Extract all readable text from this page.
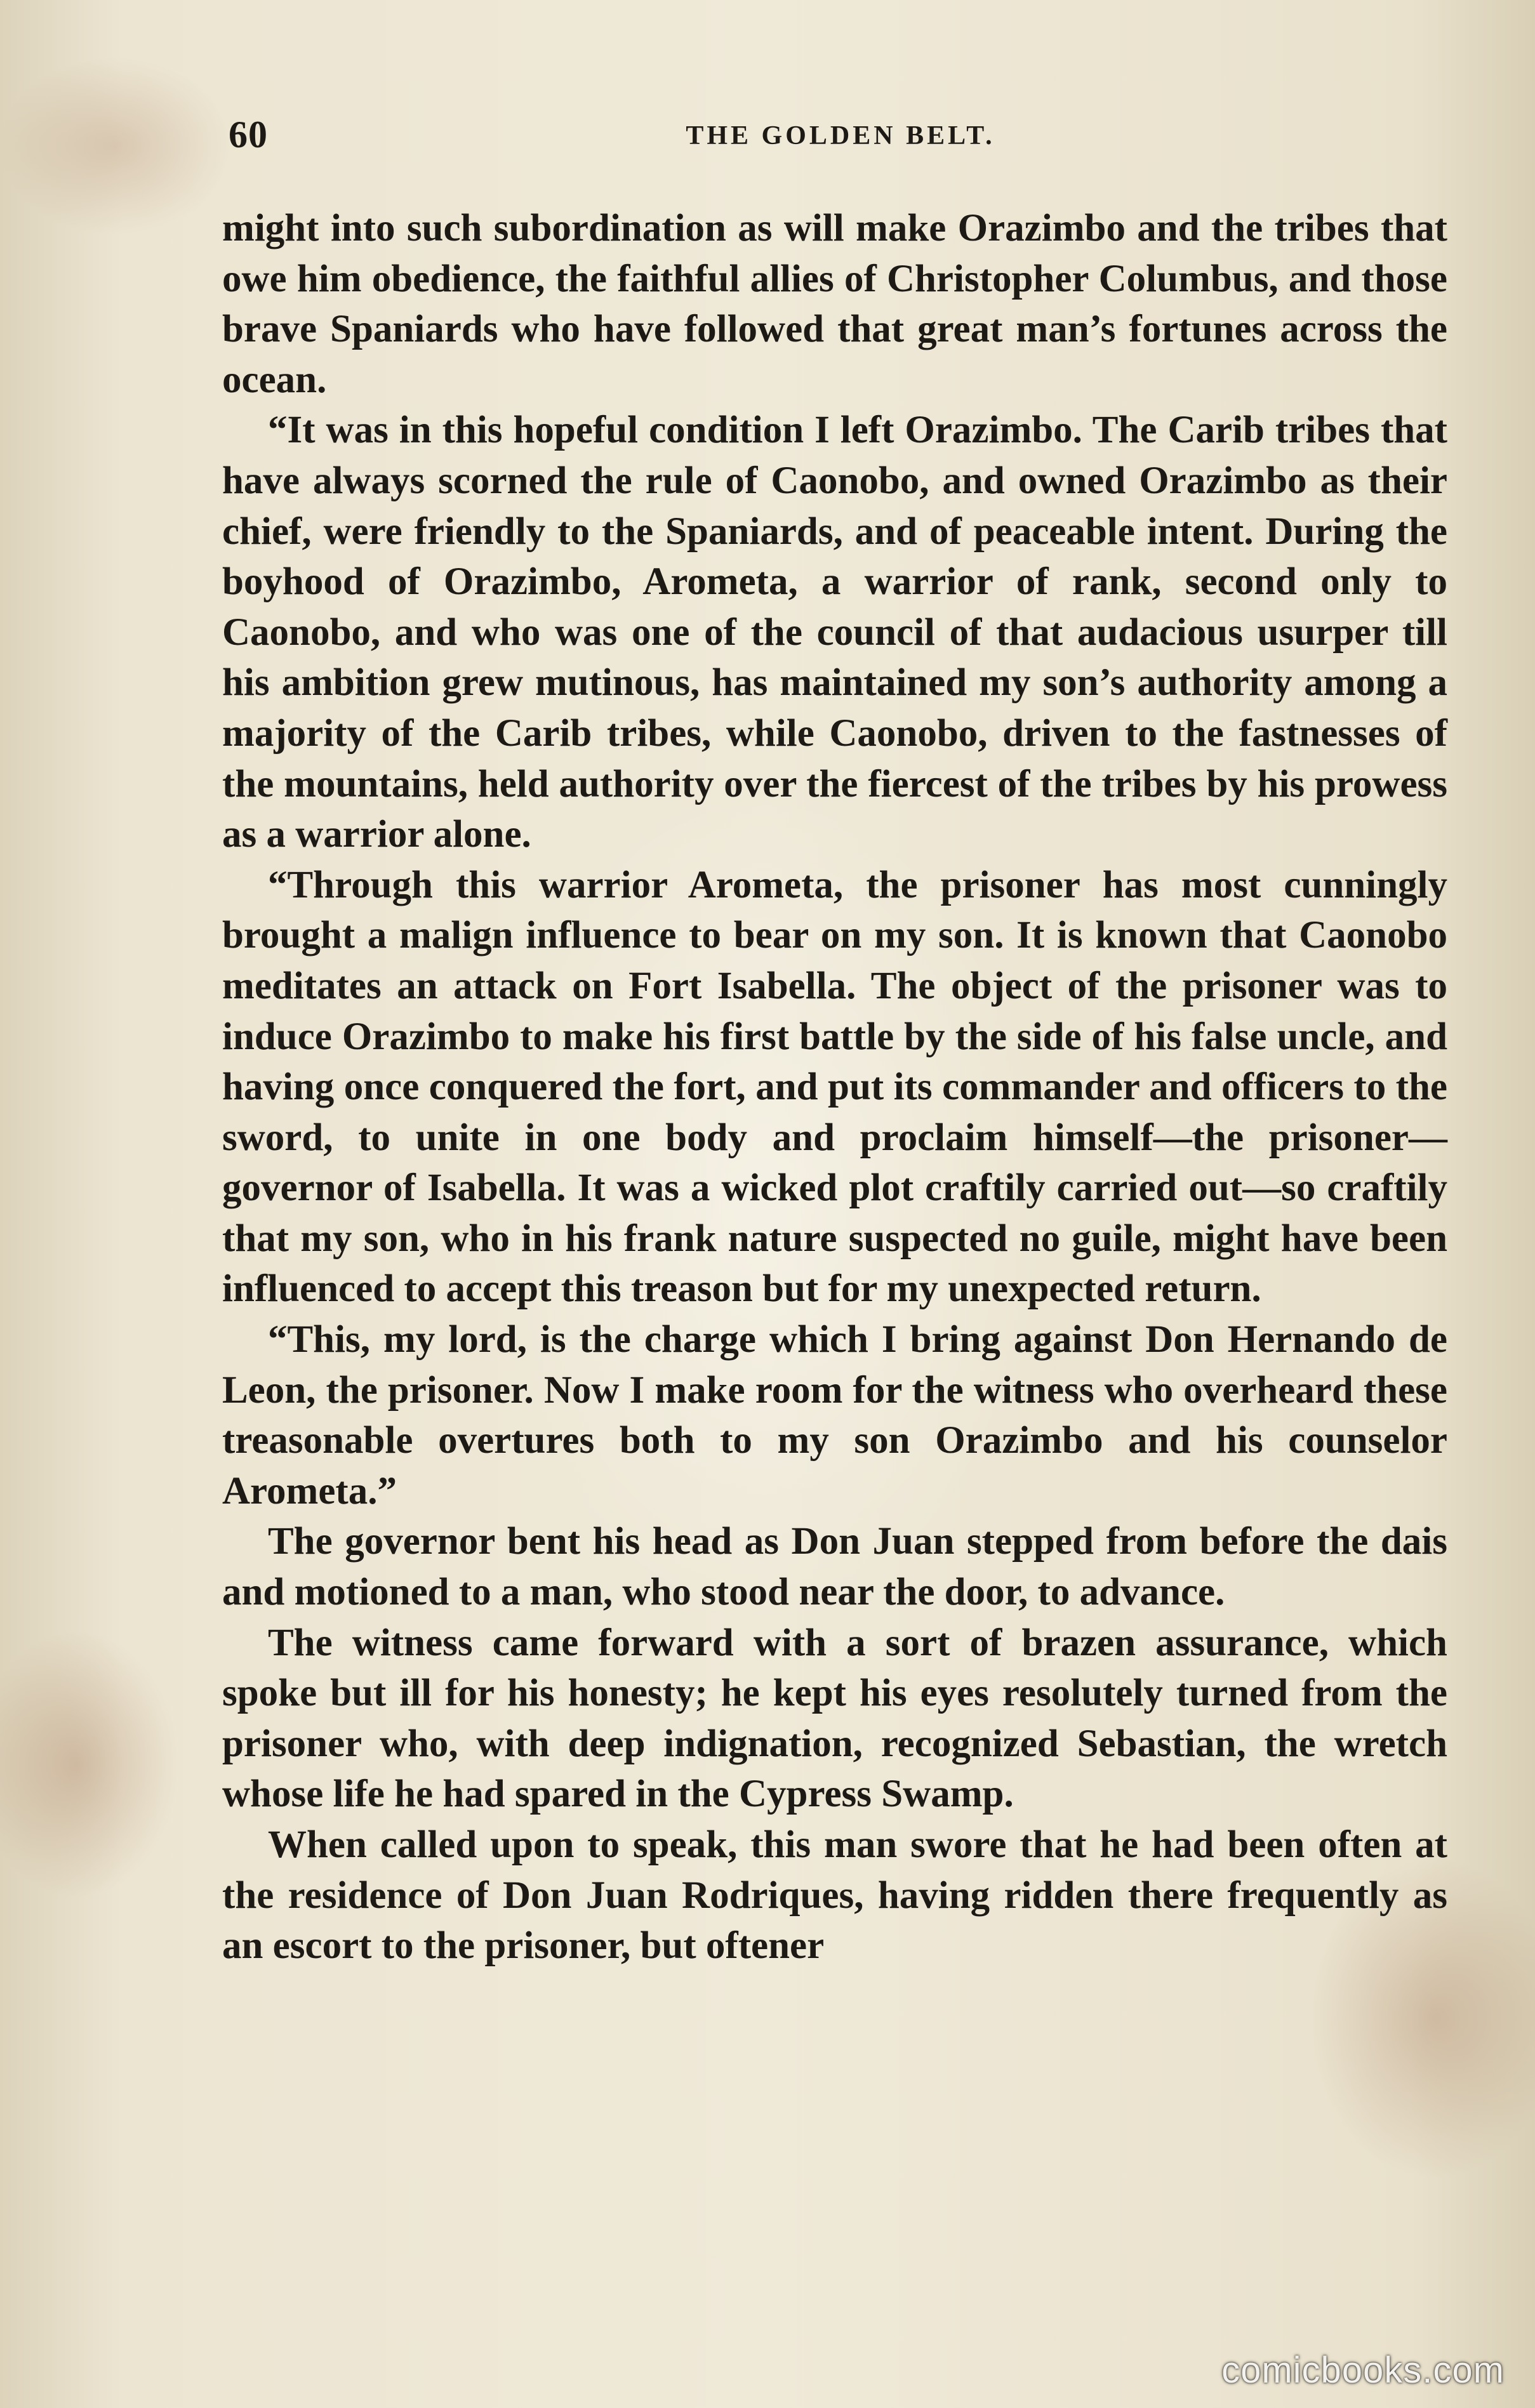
60	THE GOLDEN BELT.

might into such subordination as will make Orazimbo and the tribes that owe him obedience, the faithful allies of Christopher Columbus, and those brave Spaniards who have followed that great man’s fortunes across the ocean.

“It was in this hopeful condition I left Orazimbo. The Carib tribes that have always scorned the rule of Caonobo, and owned Orazimbo as their chief, were friendly to the Spaniards, and of peaceable intent. During the boyhood of Orazimbo, Arometa, a warrior of rank, second only to Caonobo, and who was one of the council of that audacious usurper till his ambition grew mutinous, has maintained my son’s authority among a majority of the Carib tribes, while Caonobo, driven to the fastnesses of the mountains, held authority over the fiercest of the tribes by his prowess as a warrior alone.

“Through this warrior Arometa, the prisoner has most cunningly brought a malign influence to bear on my son. It is known that Caonobo meditates an attack on Fort Isabella. The object of the prisoner was to induce Orazimbo to make his first battle by the side of his false uncle, and having once conquered the fort, and put its commander and officers to the sword, to unite in one body and proclaim himself—the prisoner—governor of Isabella. It was a wicked plot craftily carried out—so craftily that my son, who in his frank nature suspected no guile, might have been influenced to accept this treason but for my unexpected return.

“This, my lord, is the charge which I bring against Don Hernando de Leon, the prisoner. Now I make room for the witness who overheard these treasonable overtures both to my son Orazimbo and his counselor Arometa.”

The governor bent his head as Don Juan stepped from before the dais and motioned to a man, who stood near the door, to advance.

The witness came forward with a sort of brazen assurance, which spoke but ill for his honesty; he kept his eyes resolutely turned from the prisoner who, with deep indignation, recognized Sebastian, the wretch whose life he had spared in the Cypress Swamp.

When called upon to speak, this man swore that he had been often at the residence of Don Juan Rodriques, having ridden there frequently as an escort to the prisoner, but oftener

comicbooks.com
